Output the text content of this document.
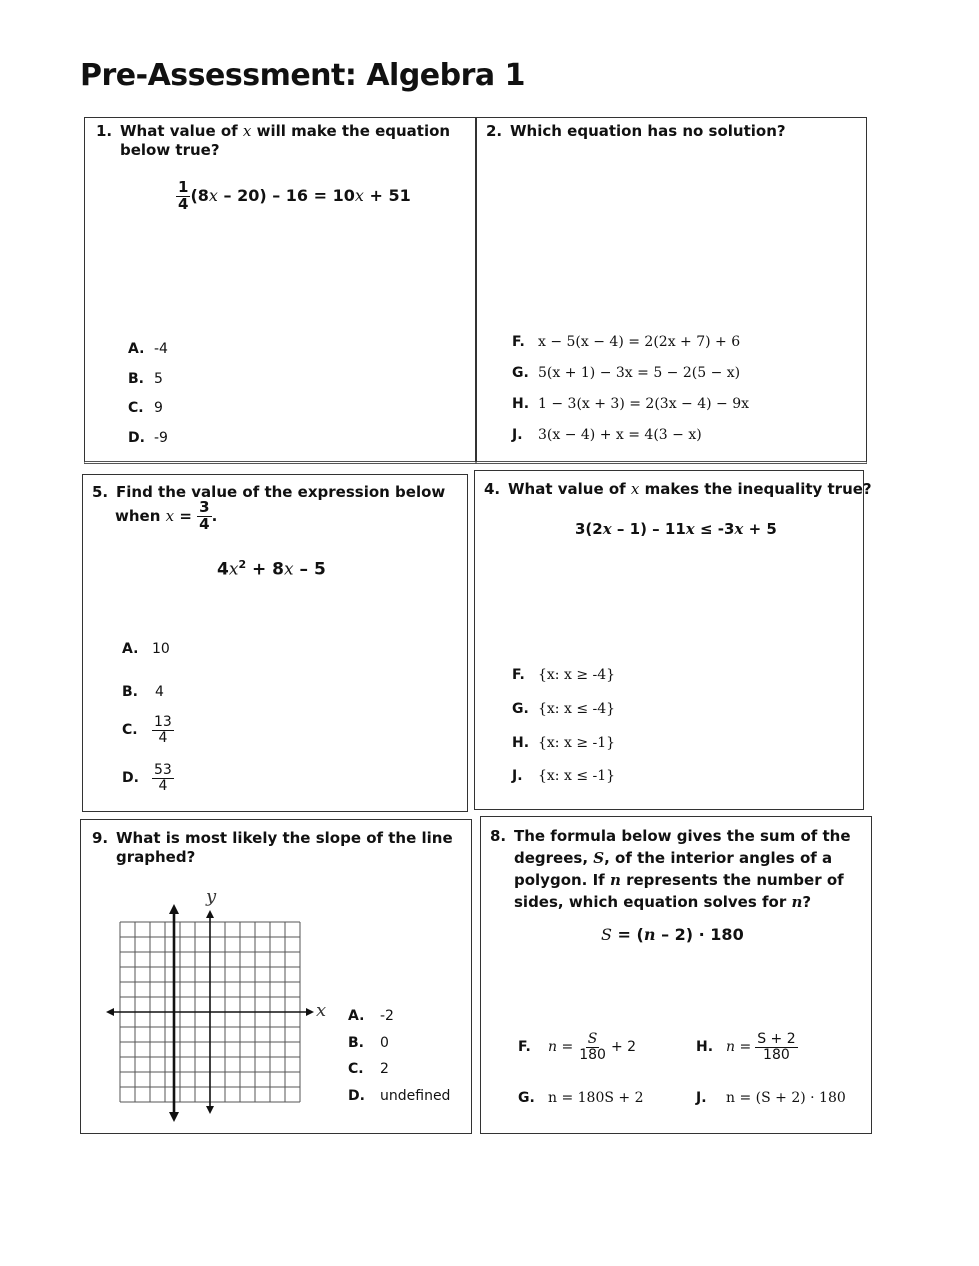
Pre-Assessment: Algebra 1
1. What value of x will make the equation
below true?
$\frac{1}{4} (8x - 20) - 16 = 10x + 51$
A. -4
B. 5
C. 9
D. -9
2. Which equation has no solution?
F. x − 5(x − 4) = 2(2x + 7) + 6
G. 5(x + 1) − 3x = 5 − 2(5 − x)
H. 1 − 3(x + 3) = 2(3x − 4) − 9x
J. 3(x − 4) + x = 4(3 − x)
5. Find the value of the expression below
when $x = \frac{3}{4}$ .
$4x^2 + 8x - 5$
A. 10
B. 4
C. $\frac{13}{4}$
D. $\frac{53}{4}$
4. What value of x makes the inequality true?
3(2x – 1) – 11x ≤ -3x + 5
F. {x: x ≥ -4}
G. {x: x ≤ -4}
H. {x: x ≥ -1}
J. {x: x ≤ -1}
9. What is most likely the slope of the line
graphed?
y
x A. -2
B. 0
C. 2
D. undefined
8. The formula below gives the sum of the
degrees, S, of the interior angles of a
polygon. If n represents the number of
sides, which equation solves for n?
S = (n – 2) · 180
F.	$n = \frac{S}{180} + 2$	H. $n = \frac{S + 2}{180}$
G. n = 180S + 2	J. n = (S + 2) · 180
